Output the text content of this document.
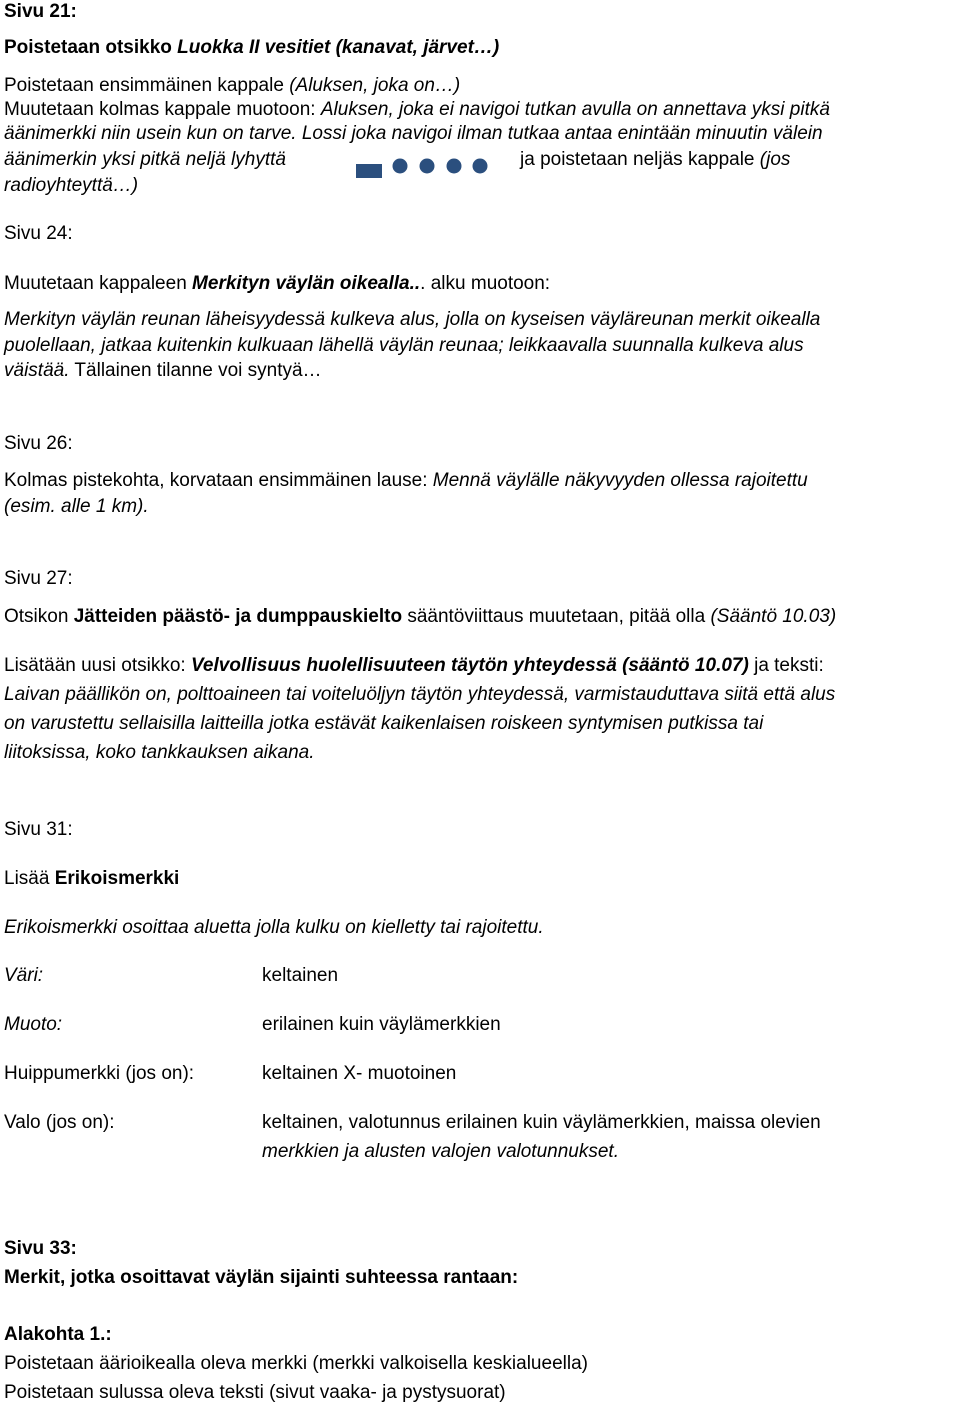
Sivu 21:
Poistetaan otsikko Luokka II vesitiet (kanavat, järvet…)
Poistetaan ensimmäinen kappale (Aluksen, joka on…)
Muutetaan kolmas kappale muotoon: Aluksen, joka ei navigoi tutkan avulla on annettava yksi pitkä
äänimerkki niin usein kun on tarve. Lossi joka navigoi ilman tutkaa antaa enintään minuutin välein
äänimerkin yksi pitkä neljä lyhyttä	ja poistetaan neljäs kappale (jos
radioyhteyttä…)
Sivu 24:
Muutetaan kappaleen Merkityn väylän oikealla... alku muotoon:
Merkityn väylän reunan läheisyydessä kulkeva alus, jolla on kyseisen väyläreunan merkit oikealla
puolellaan, jatkaa kuitenkin kulkuaan lähellä väylän reunaa; leikkaavalla suunnalla kulkeva alus
väistää. Tällainen tilanne voi syntyä…
Sivu 26:
Kolmas pistekohta, korvataan ensimmäinen lause: Mennä väylälle näkyvyyden ollessa rajoitettu
(esim. alle 1 km).
Sivu 27:
Otsikon Jätteiden päästö- ja dumppauskielto sääntöviittaus muutetaan, pitää olla (Sääntö 10.03)
Lisätään uusi otsikko: Velvollisuus huolellisuuteen täytön yhteydessä (sääntö 10.07) ja teksti:
Laivan päällikön on, polttoaineen tai voiteluöljyn täytön yhteydessä, varmistauduttava siitä että alus
on varustettu sellaisilla laitteilla jotka estävät kaikenlaisen roiskeen syntymisen putkissa tai
liitoksissa, koko tankkauksen aikana.
Sivu 31:
Lisää Erikoismerkki
Erikoismerkki osoittaa aluetta jolla kulku on kielletty tai rajoitettu.
Väri:	keltainen
Muoto:	erilainen kuin väylämerkkien
Huippumerkki (jos on):	keltainen X- muotoinen
Valo (jos on):	keltainen, valotunnus erilainen kuin väylämerkkien, maissa olevien
merkkien ja alusten valojen valotunnukset.
Sivu 33:
Merkit, jotka osoittavat väylän sijainti suhteessa rantaan:
Alakohta 1.:
Poistetaan äärioikealla oleva merkki (merkki valkoisella keskialueella)
Poistetaan sulussa oleva teksti (sivut vaaka- ja pystysuorat)
